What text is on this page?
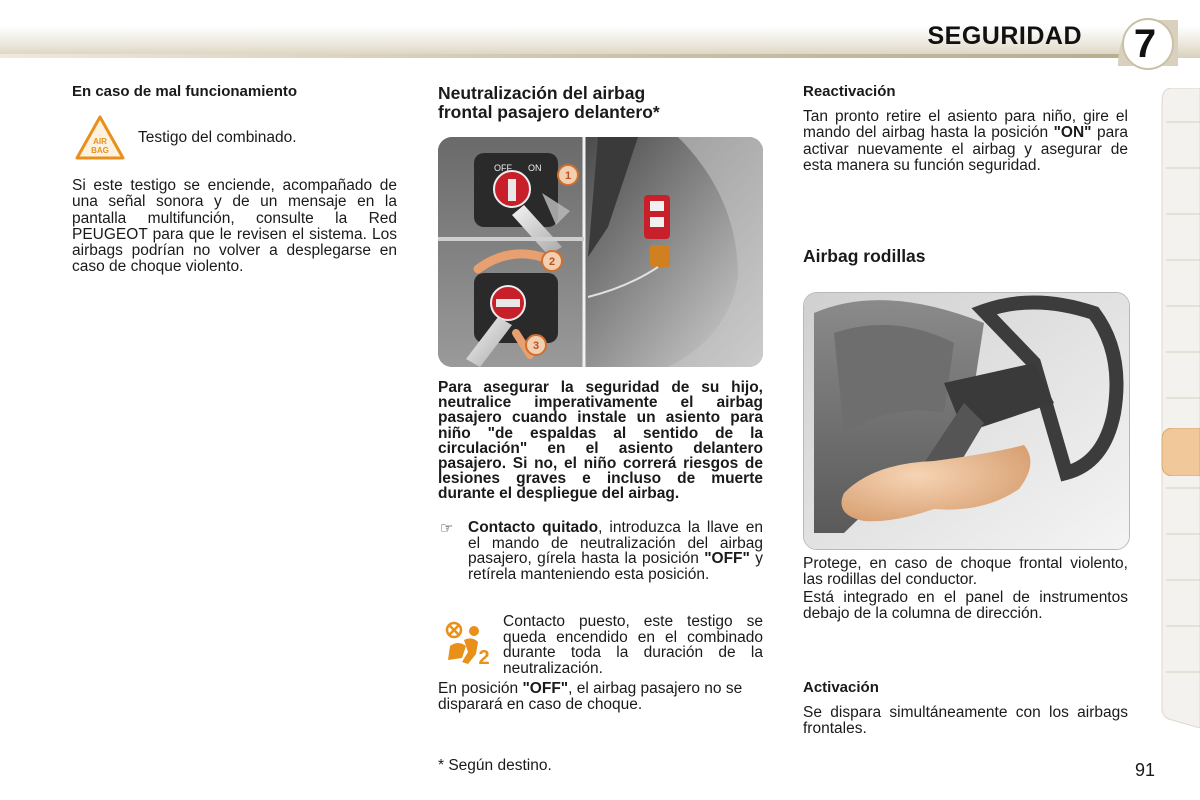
SEGURIDAD	7

En caso de mal funcionamiento

AIR
BAG

Testigo del combinado.

Si este testigo se enciende, acompañado de una señal sonora y de un mensaje en la pantalla multifunción, consulte la Red PEUGEOT para que le revisen el sistema. Los airbags podrían no volver a desplegarse en caso de choque violento.

Neutralización del airbag
frontal pasajero delantero*

OFF ON
1
2
3

Para asegurar la seguridad de su hijo, neutralice imperativamente el airbag pasajero cuando instale un asiento para niño "de espaldas al sentido de la circulación" en el asiento delantero pasajero. Si no, el niño correrá riesgos de lesiones graves e incluso de muerte durante el despliegue del airbag.

☞ Contacto quitado, introduzca la llave en el mando de neutralización del airbag pasajero, gírela hasta la posición "OFF" y retírela manteniendo esta posición.

2

Contacto puesto, este testigo se queda encendido en el combinado durante toda la duración de la neutralización.

En posición "OFF", el airbag pasajero no se disparará en caso de choque.

* Según destino.

Reactivación

Tan pronto retire el asiento para niño, gire el mando del airbag hasta la posición "ON" para activar nuevamente el airbag y asegurar de esta manera su función seguridad.

Airbag rodillas

Protege, en caso de choque frontal violento, las rodillas del conductor.

Está integrado en el panel de instrumentos debajo de la columna de dirección.

Activación

Se dispara simultáneamente con los airbags frontales.

91
